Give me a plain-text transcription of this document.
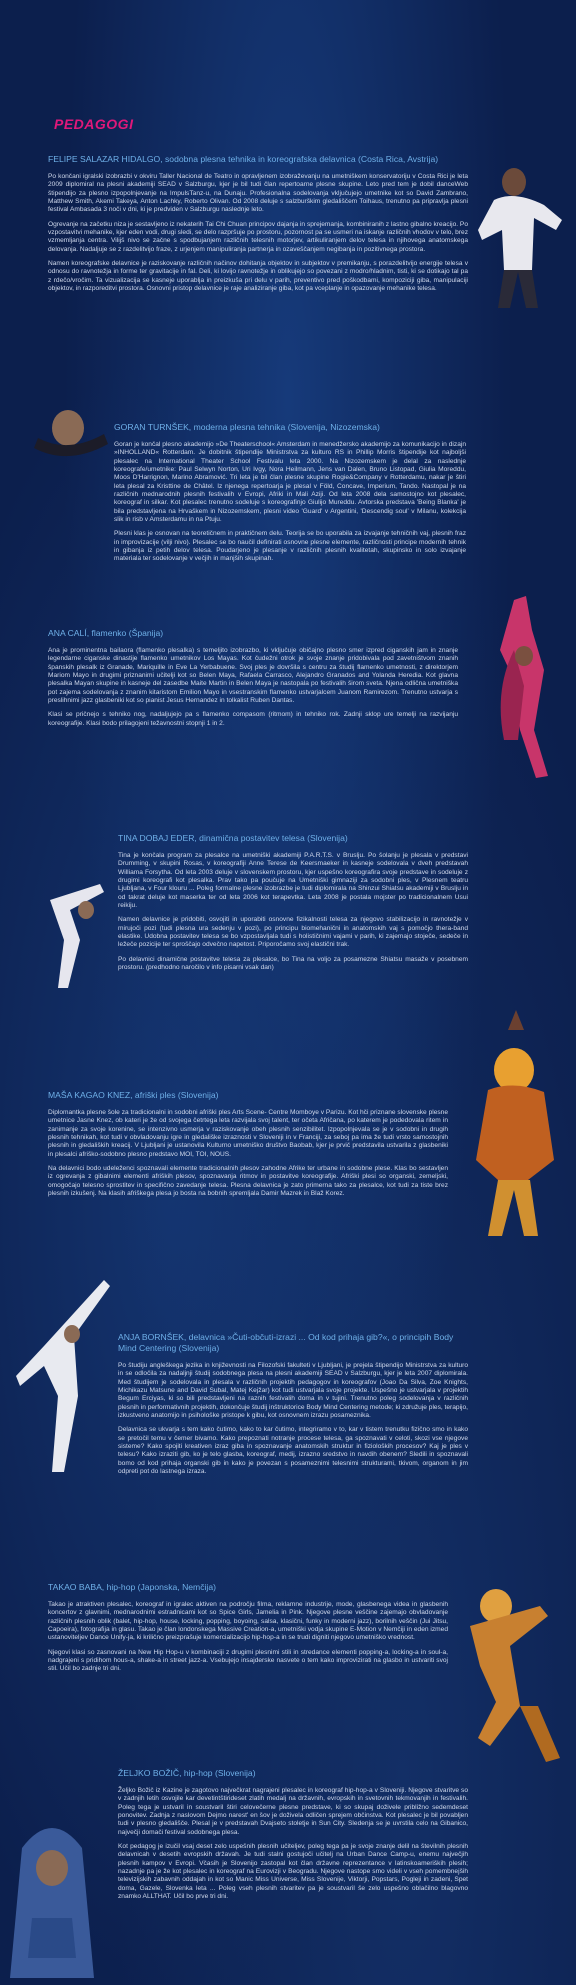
PEDAGOGI
FELIPE SALAZAR HIDALGO, sodobna plesna tehnika in koreografska delavnica (Costa Rica, Avstrija)

Po končani igralski izobrazbi v okviru Taller Nacional de Teatro in opravljenem izobraževanju na umetniškem konservatoriju v Costa Rici je leta 2009 diplomiral na plesni akademiji SEAD v Salzburgu, kjer je bil tudi član repertoarne plesne skupine. Leto pred tem je dobil danceWeb štipendijo za plesno izpopolnjevanje na ImpulsTanz-u, na Dunaju. Profesionalna sodelovanja vključujejo umetnike kot so David Zambrano, Matthew Smith, Akemi Takeya, Anton Lachky, Roberto Olivan. Od 2008 deluje s salzburškim gledališčem Toihaus, trenutno pa pripravlja plesni festival Ambasada 3 noči v dni, ki je predviden v Salzburgu naslednje leto.

Ogrevanje na začetku niza je sestavljeno iz nekaterih Tai Chi Chuan principov dajanja in sprejemanja, kombiniranih z lastno gibalno kreacijo. Po vzpostavitvi mehanike, kjer eden vodi, drugi sledi, se delo razpršuje po prostoru, pozornost pa se usmeri na iskanje različnih vhodov v telo, brez vzmemljanja centra. Vilijš nivo se začne s spodbujanjem različnih telesnih motorjev, artikuliranjem delov telesa in njihovega anatomskega delovanja. Nadaljuje se z razdelitvijo fraze, z urjenjem manipuliranja partnerja in ozaveščanjem negibanja in pozitivnega prostora.

Namen koreografske delavnice je raziskovanje različnih načinov dohitanja objektov in subjektov v premikanju, s porazdelitvijo energije telesa v odnosu do ravnotežja in forme ter gravitacije in fal. Deli, ki lovijo ravnotežje in oblikujejo so povezani z modro/hladnim, tisti, ki se dotikajo tal pa z rdečo/vročim. Ta vizualizacija se kasneje uporablja in preizkuša pri delu v parih, preventivo pred poškodbami, kompoziciji giba, manipulaciji objektov, in razporeditvi prostora. Osnovni pristop delavnice je raje analiziranje giba, kot pa vceplanje in opazovanje mehanike telesa.

GORAN TURNŠEK, moderna plesna tehnika (Slovenija, Nizozemska)

Goran je končal plesno akademijo »De Theaterschool« Amsterdam in menedžersko akademijo za komunikacijo in dizajn »INHOLLAND« Rotterdam. Je dobitnik štipendije Ministrstva za kulturo RS in Phillip Morris štipendije kot najboljši plesalec na International Theater School Festivalu leta 2000. Na Nizozemskem je delal za naslednje koreografe/umetnike: Paul Selwyn Norton, Uri Ivgy, Nora Heilmann, Jens van Dalen, Bruno Listopad, Giulia Moreddu, Moos D'Harrignon, Marino Abramović. Tri leta je bil član plesne skupine Rogie&Company v Rotterdamu, nakar je štiri leta plesal za Kristtine de Châtel. Iz njenega repertoarja je plesal v Föld, Concave, Imperium, Tando. Nastopal je na različnih mednarodnih plesnih festivalih v Evropi, Afriki in Mali Aziji. Od leta 2008 dela samostojno kot plesalec, koreograf in silkar. Kot plesalec trenutno sodeluje s koreografinjo Giulijo Mureddu. Avtorska predstava 'Being Blanka' je bila predstavljena na Hrvaškem in Nizozemskem, plesni video 'Guard' v Argentini, 'Descendig soul' v Milanu, kolekcija slik in risb v Amsterdamu in na Ptuju.

Plesni klas je osnovan na teoretičnem in praktičnem delu. Teorija se bo uporabila za izvajanje tehničnih vaj, plesnih fraz in improvizacije (vilji nivo). Plesalec se bo naučil definirati osnovne plesne elemente, različnosti principe modernih tehnik in gibanja iz petih delov telesa. Poudarjeno je plesanje v različnih plesnih kvalitetah, skupinsko in solo izvajanje materiala ter sodelovanje v večjih in manjših skupinah.

ANA CALÍ, flamenko (Španija)

Ana je prominentna bailaora (flamenko plesalka) s temeljito izobrazbo, ki vključuje običajno plesno smer izpred ciganskih jam in znanje legendarne ciganske dinastije flamenko umetnikov Los Mayas. Kot čudežni otrok je svoje znanje pridobivala pod zavetništvom znanih španskih plesalk iz Granade, Mariquille in Eve La Yerbabuene. Svoj ples je dovršila s centru za študij flamenko umetnosti, z direktorjem Mariom Mayo in drugimi priznanimi učitelji kot so Belen Maya, Rafaela Carrasco, Alejandro Granados and Yolanda Heredia. Kot glavna plesalka Mayan skupine in kasneje del zasedbe Maite Martin in Belen Maya je nastopala po festivalih širom sveta. Njena odlična umetniška pot zajema sodelovanja z znanim kitaristom Emilion Mayo in vsestranskim flamenko ustvarjalcem Juanom Ramirezom. Trenutno ustvarja s preslihnimi jazz glasbeniki kot so pianist Jesus Hernandez in tolkalist Ruben Dantas.

Klasi se pričnejo s tehniko nog, nadaljujejo pa s flamenko compasom (ritmom) in tehniko rok. Zadnji sklop ure temelji na razvijanju koreografije. Klasi bodo prilagojeni težavnostni stopnji 1 in 2.

TINA DOBAJ EDER, dinamična postavitev telesa (Slovenija)

Tina je končala program za plesalce na umetniški akademiji P.A.R.T.S. v Bruslju. Po šolanju je plesala v predstavi Drumming, v skupini Rosas, v koreografiji Anne Terese de Keersmaeker in kasneje sodelovala v dveh predstavah Williama Forsytha. Od leta 2003 deluje v slovenskem prostoru, kjer uspešno koreografira svoje predstave in sodeluje z drugimi koreografi kot plesalka. Prav tako pa poučuje na Umetniški gimnaziji za sodobni ples, v Plesnem teatru Ljubljana, v Four klouru ... Poleg formalne plesne izobrazbe je tudi diplomirala na Shinzui Shiatsu akademiji v Bruslju in od takrat deluje kot maserka ter od leta 2006 kot terapevtka. Leta 2008 je postala mojster po tradicionalnem Usui reikiju.

Namen delavnice je pridobiti, osvojiti in uporabiti osnovne fizikalnosti telesa za njegovo stabilizacijo in ravnotežje v mirujoči pozi (tudi plesna ura sedenju v pozi), po principu biomehanični in anatomskih vaj s pomočjo thera-band elastike. Udobna postavitev telesa se bo vzpostavljala tudi s holističnimi vajami v parih, ki zajemajo stoječe, sedeče in ležeče pozicije ter sproščajo odvečno napetost. Priporočamo svoj elastični trak.

Po delavnici dinamične postavitve telesa za plesalce, bo Tina na voljo za posamezne Shiatsu masaže v posebnem prostoru. (predhodno naročilo v info pisarni vsak dan)

MAŠA KAGAO KNEZ, afriški ples (Slovenija)

Diplomantka plesne šole za tradicionalni in sodobni afriški ples Arts Scene- Centre Momboye v Parizu. Kot hči priznane slovenske plesne umetnice Jasne Knez, ob kateri je že od svojega četrtega leta razvijala svoj talent, ter očeta Afričana, po katerem je podedovala ritem in zanimanje za svoje korenine, se intenzivno usmerja v raziskovanje obeh plesnih senzibilitet. Izpopolnjevala se je v sodobni in drugih plesnih tehnikah, kot tudi v obvladovanju igre in gledališke izraznosti v Sloveniji in v Franciji, za seboj pa ima že tudi vrsto samostojnih plesnih in gledaliških kreacij. V Ljubljani je ustanovila Kulturno umetniško društvo Baobab, kjer je prvič predstavila ustvarila z glasbeniki in plesalci afriško-sodobno plesno predstavo MOI, TOI, NOUS.

Na delavnici bodo udeleženci spoznavali elemente tradicionalnih plesov zahodne Afrike ter urbane in sodobne plese. Klas bo sestavljen iz ogrevanja z gibalnimi elementi afriških plesov, spoznavanja ritmov in postavitve koreografije. Afriški plesi so organski, zemeljski, omogočajo telesno sprostitev in specifično zavedanje telesa. Plesna delavnica je zato primerna tako za plesalce, kot tudi za tiste brez plesnih izkušenj. Na klasih afriškega plesa jo bosta na bobnih spremljala Damir Mazrek in Blaž Korez.

ANJA BORNŠEK, delavnica »Čuti-občuti-izrazi ... Od kod prihaja gib?«, o principih Body Mind Centering (Slovenija)

Po študiju angleškega jezika in književnosti na Filozofski fakulteti v Ljubljani, je prejela štipendijo Ministrstva za kulturo in se odločila za nadaljnji študij sodobnega plesa na plesni akademiji SEAD v Salzburgu, kjer je leta 2007 diplomirala. Med študijem je sodelovala in plesala v različnih projektih pedagogov in koreografov (Joao Da Silva, Zoe Knights, Michikazu Matsune and David Subal, Matej Kejžar) kot tudi ustvarjala svoje projekte. Uspešno je ustvarjala v projektih Begum Erciyas, ki so bili predstavljeni na raznih festivalih doma in v tujini. Trenutno poleg sodelovanja v različnih plesnih in performativnih projektih, dokončuje študij inštruktorice Body Mind Centering metode; ki združuje ples, terapijo, izkustveno anatomijo in psihološke pristope k gibu, kot osnovnem izrazu posameznika.

Delavnica se ukvarja s tem kako čutimo, kako to kar čutimo, integriramo v to, kar v tistem trenutku fizično smo in kako se pretočil temu v čemer bivamo. Kako prepoznati notranje procese telesa, ga spoznavati v celoti, skozi vse njegove sisteme? Kako spojiti kreativen izraz giba in spoznavanje anatomskih struktur in fizioloških procesov? Kaj je ples v telesu? Kako izraziti gib, ko je telo glasba, koreograf, medij, izrazno sredstvo in navdih obenem? Sledili in spoznavali bomo od kod prihaja organski gib in kako je povezan s posameznimi telesnimi strukturami, tkivom, organom in jim odpreti pot do lastnega izraza.

TAKAO BABA, hip-hop (Japonska, Nemčija)

Takao je atraktiven plesalec, koreograf in igralec aktiven na področju filma, reklamne industrije, mode, glasbenega videa in glasbenih koncertov z glavnimi, mednarodnimi estradnicami kot so Spice Girls, Jamelia in Pink. Njegove plesne veščine zajemajo obvladovanje različnih plesnih oblik (balet, hip-hop, house, locking, popping, boyoing, salsa, klasični, funky in moderni jazz), borilnih veščin (Jui Jitsu, Capoeira), fotografija in glasu. Takao je član londonskega Massive Creation-a, umetniški vodja skupine E-Motion v Nemčiji in eden izmed ustanoviteljev Dance Unify-ja, ki krilično preizprašuje komercializacijo hip-hop-a in se trudi digniti njegovo umetniško vrednost.

Njegovi klasi so zasnovani na New Hip Hop-u v kombinaciji z drugimi plesnimi stili in stredance elementi popping-a, locking-a in soul-a, nadgrajeni s pridihom hous-a, shake-a in street jazz-a. Vsebujejo insajderske nasvete o tem kako improvizirati na glasbo in ustvariti svoj stil. Učil bo zadnje tri dni.

ŽELJKO BOŽIČ, hip-hop (Slovenija)

Željko Božič iz Kazine je zagotovo največkrat nagrajeni plesalec in koreograf hip-hop-a v Sloveniji. Njegove stvaritve so v zadnjih letih osvojile kar devetintštirideset zlatih medalj na državnih, evropskih in svetovnih tekmovanjih in festivalih. Poleg tega je ustvaril in soustvaril štiri celovečerne plesne predstave, ki so skupaj doživele približno sedemdeset ponovitev. Zadnja z naslovom Dejmo narest' en šov je doživela odličen sprejem občinstva. Kot plesalec je bil povabljen tudi v plesno gledališče. Plesal je v predstavah Dvajseto stoletje in Sun City. Sledenja se je uvrstila celo na Gibanico, največji domači festival sodobnega plesa.

Kot pedagog je izučil vsaj deset zelo uspešnih plesnih učiteljev, poleg tega pa je svoje znanje delil na številnih plesnih delavnicah v desetih evropskih državah. Je tudi stalni gostujoči učitelj na Urban Dance Camp-u, enemu največjih plesnih kampov v Evropi. Včasih je Slovenijo zastopal kot član državne reprezentance v latinskoameriških plesih; nazadnje pa je že kot plesalec in koreograf na Eurovizji v Beogradu. Njegove nastope smo videli v vseh pomembnejših televizijskih zabavnih oddajah in kot so Manic Miss Universe, Miss Slovenije, Viktorji, Popstars, Pogleji in zadeni, Spet doma, Gazele, Slovenka leta ... Poleg vseh plesnih stvaritev pa je soustvaril še zelo uspešno oblačilno blagovno znamko ALLTHAT. Učil bo prve tri dni.
